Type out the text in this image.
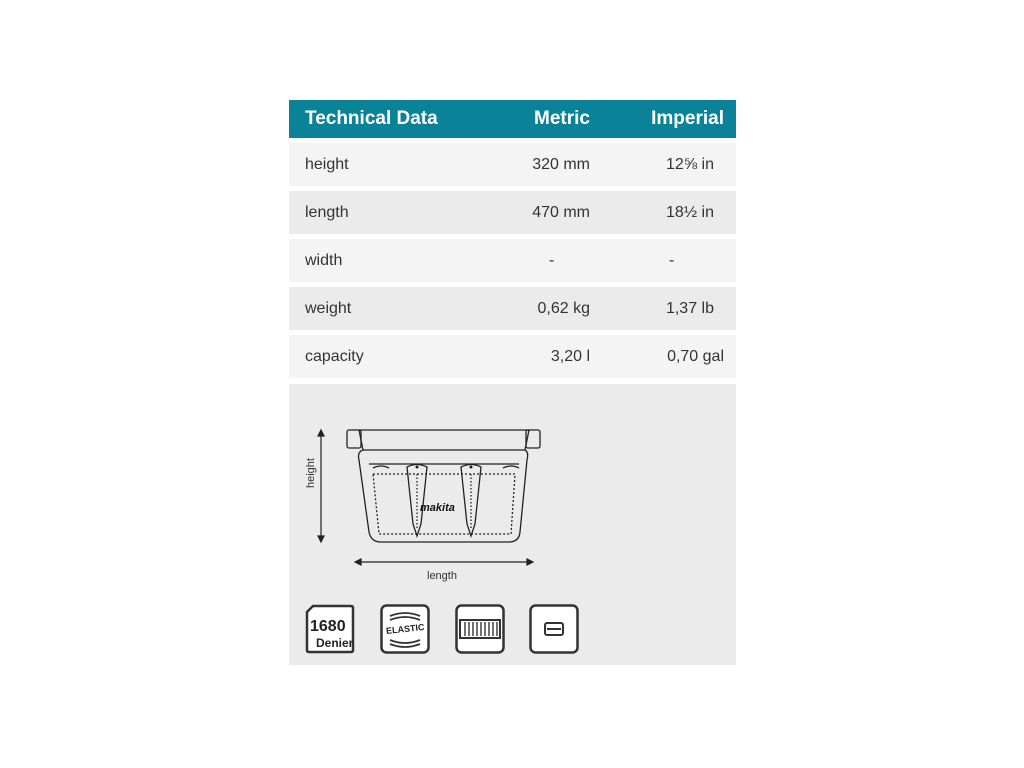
Technical Data	Metric	Imperial
height	320 mm	12⅝ in
length	470 mm	18½ in
width	-	-
weight	0,62 kg	1,37 lb
capacity	3,20 l	0,70 gal
height
length
makita
1680
Denier
ELASTIC
